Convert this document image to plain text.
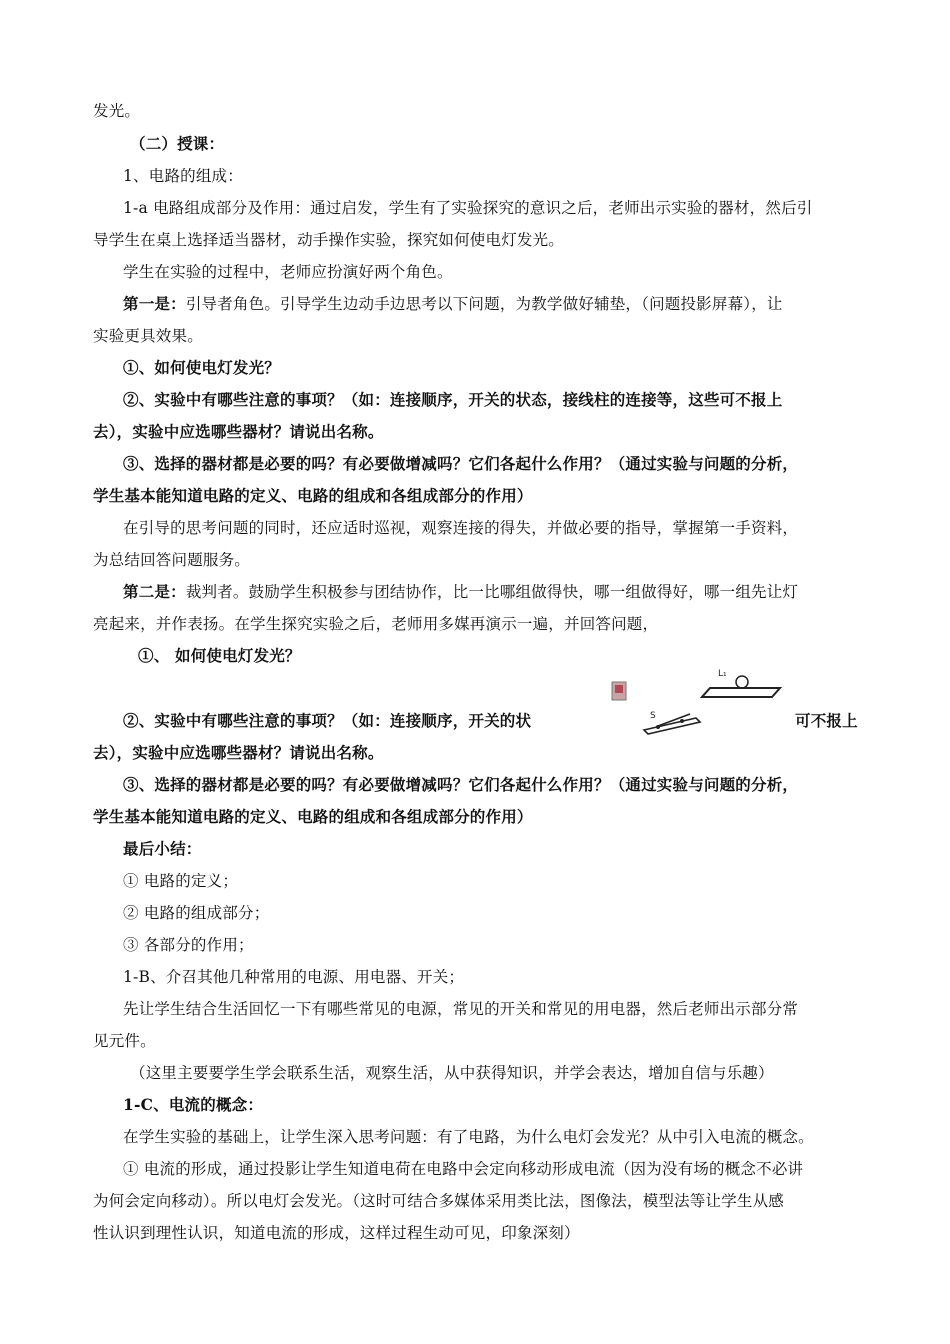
发光。
（二）授课：
1、电路的组成：
1-a 电路组成部分及作用：通过启发，学生有了实验探究的意识之后，老师出示实验的器材，然后引
导学生在桌上选择适当器材，动手操作实验，探究如何使电灯发光。
学生在实验的过程中，老师应扮演好两个角色。
第一是：引导者角色。引导学生边动手边思考以下问题，为教学做好辅垫，（问题投影屏幕），让
实验更具效果。
①、如何使电灯发光？
②、实验中有哪些注意的事项？（如：连接顺序，开关的状态，接线柱的连接等，这些可不报上
去），实验中应选哪些器材？请说出名称。
③、选择的器材都是必要的吗？有必要做增减吗？它们各起什么作用？（通过实验与问题的分析，
学生基本能知道电路的定义、电路的组成和各组成部分的作用）
在引导的思考问题的同时，还应适时巡视，观察连接的得失，并做必要的指导，掌握第一手资料，
为总结回答问题服务。
第二是：裁判者。鼓励学生积极参与团结协作，比一比哪组做得快，哪一组做得好，哪一组先让灯
亮起来，并作表扬。在学生探究实验之后，老师用多媒再演示一遍，并回答问题，
①、 如何使电灯发光？
L₁
S
②、实验中有哪些注意的事项？（如：连接顺序，开关的状	可不报上
去），实验中应选哪些器材？请说出名称。
③、选择的器材都是必要的吗？有必要做增减吗？它们各起什么作用？（通过实验与问题的分析，
学生基本能知道电路的定义、电路的组成和各组成部分的作用）
最后小结：
① 电路的定义；
② 电路的组成部分；
③ 各部分的作用；
1-B、介召其他几种常用的电源、用电器、开关；
先让学生结合生活回忆一下有哪些常见的电源，常见的开关和常见的用电器，然后老师出示部分常
见元件。
（这里主要要学生学会联系生活，观察生活，从中获得知识，并学会表达，增加自信与乐趣）
1-C、电流的概念：
在学生实验的基础上，让学生深入思考问题：有了电路，为什么电灯会发光？从中引入电流的概念。
① 电流的形成，通过投影让学生知道电荷在电路中会定向移动形成电流（因为没有场的概念不必讲
为何会定向移动）。所以电灯会发光。（这时可结合多媒体采用类比法，图像法，模型法等让学生从感
性认识到理性认识，知道电流的形成，这样过程生动可见，印象深刻）
